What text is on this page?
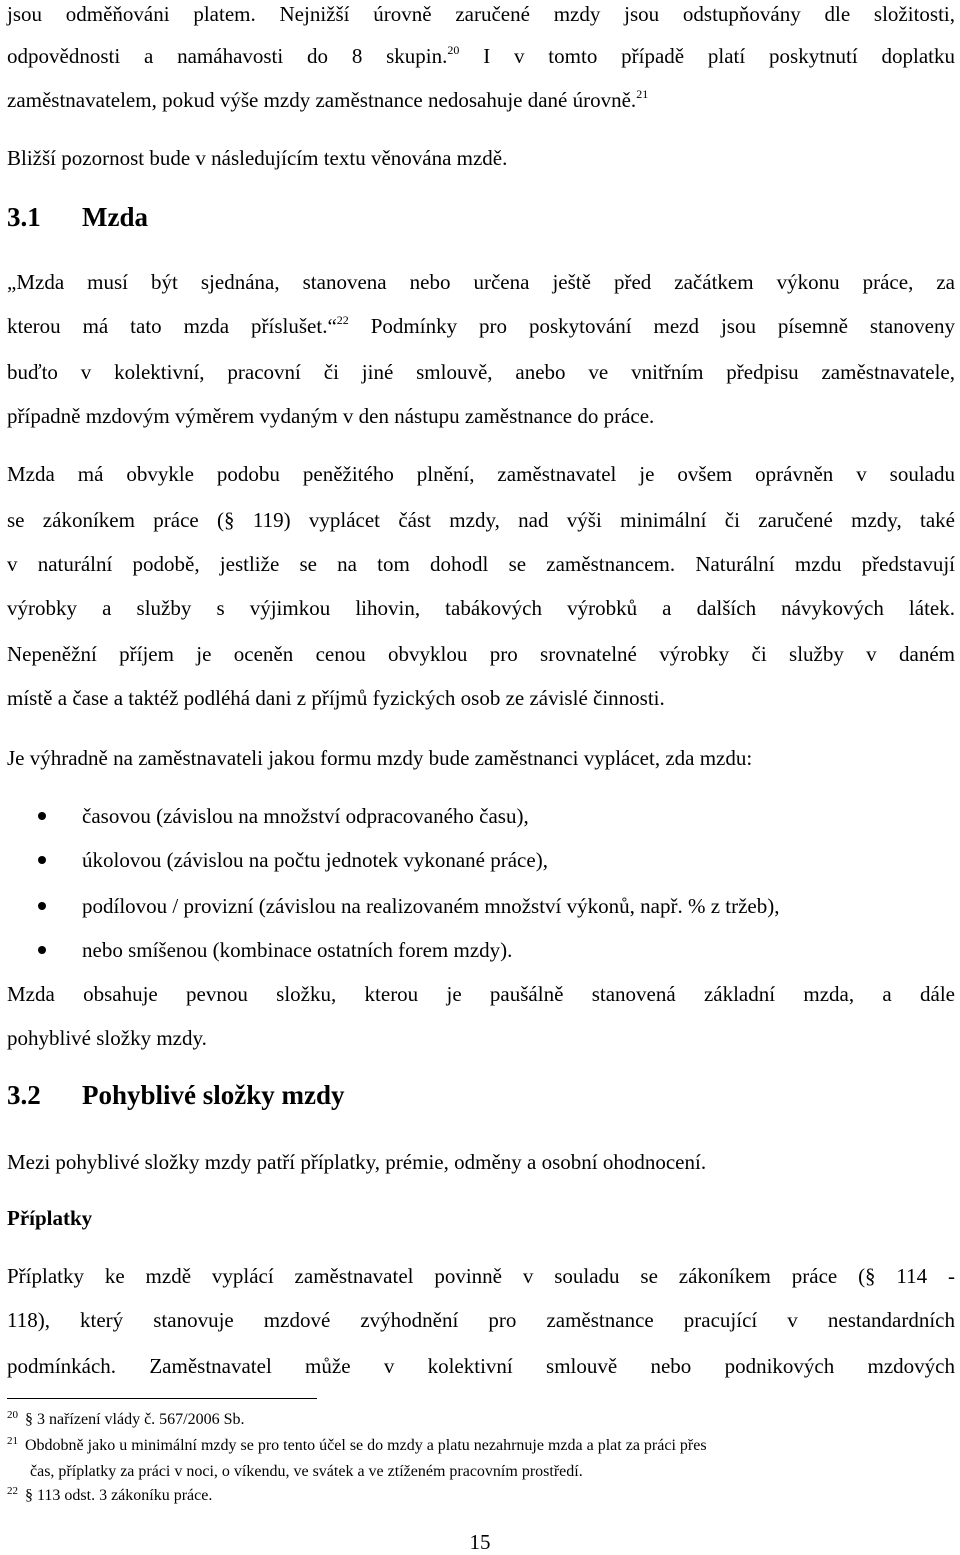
jsou odměňováni platem. Nejnižší úrovně zaručené mzdy jsou odstupňovány dle složitosti,
odpovědnosti a namáhavosti do 8 skupin.$^{20}$ I v tomto případě platí poskytnutí doplatku
zaměstnavatelem, pokud výše mzdy zaměstnance nedosahuje dané úrovně.$^{21}$
Bližší pozornost bude v následujícím textu věnována mzdě.
3.1 Mzda
„Mzda musí být sjednána, stanovena nebo určena ještě před začátkem výkonu práce, za
kterou má tato mzda příslušet.“$^{22}$ Podmínky pro poskytování mezd jsou písemně stanoveny
buďto v kolektivní, pracovní či jiné smlouvě, anebo ve vnitřním předpisu zaměstnavatele,
případně mzdovým výměrem vydaným v den nástupu zaměstnance do práce.
Mzda má obvykle podobu peněžitého plnění, zaměstnavatel je ovšem oprávněn v souladu
se zákoníkem práce (§ 119) vyplácet část mzdy, nad výši minimální či zaručené mzdy, také
v naturální podobě, jestliže se na tom dohodl se zaměstnancem. Naturální mzdu představují
výrobky a služby s výjimkou lihovin, tabákových výrobků a dalších návykových látek.
Nepeněžní příjem je oceněn cenou obvyklou pro srovnatelné výrobky či služby v daném
místě a čase a taktéž podléhá dani z příjmů fyzických osob ze závislé činnosti.
Je výhradně na zaměstnavateli jakou formu mzdy bude zaměstnanci vyplácet, zda mzdu:
časovou (závislou na množství odpracovaného času),
úkolovou (závislou na počtu jednotek vykonané práce),
podílovou / provizní (závislou na realizovaném množství výkonů, např. % z tržeb),
nebo smíšenou (kombinace ostatních forem mzdy).
Mzda obsahuje pevnou složku, kterou je paušálně stanovená základní mzda, a dále
pohyblivé složky mzdy.
3.2 Pohyblivé složky mzdy
Mezi pohyblivé složky mzdy patří příplatky, prémie, odměny a osobní ohodnocení.
Příplatky
Příplatky ke mzdě vyplácí zaměstnavatel povinně v souladu se zákoníkem práce (§ 114 -
118), který stanovuje mzdové zvýhodnění pro zaměstnance pracující v nestandardních
podmínkách. Zaměstnavatel může v kolektivní smlouvě nebo podnikových mzdových
$^{20}$ § 3 nařízení vlády č. 567/2006 Sb.
$^{21}$ Obdobně jako u minimální mzdy se pro tento účel se do mzdy a platu nezahrnuje mzda a plat za práci přes
čas, příplatky za práci v noci, o víkendu, ve svátek a ve ztíženém pracovním prostředí.
$^{22}$ § 113 odst. 3 zákoníku práce.
15
